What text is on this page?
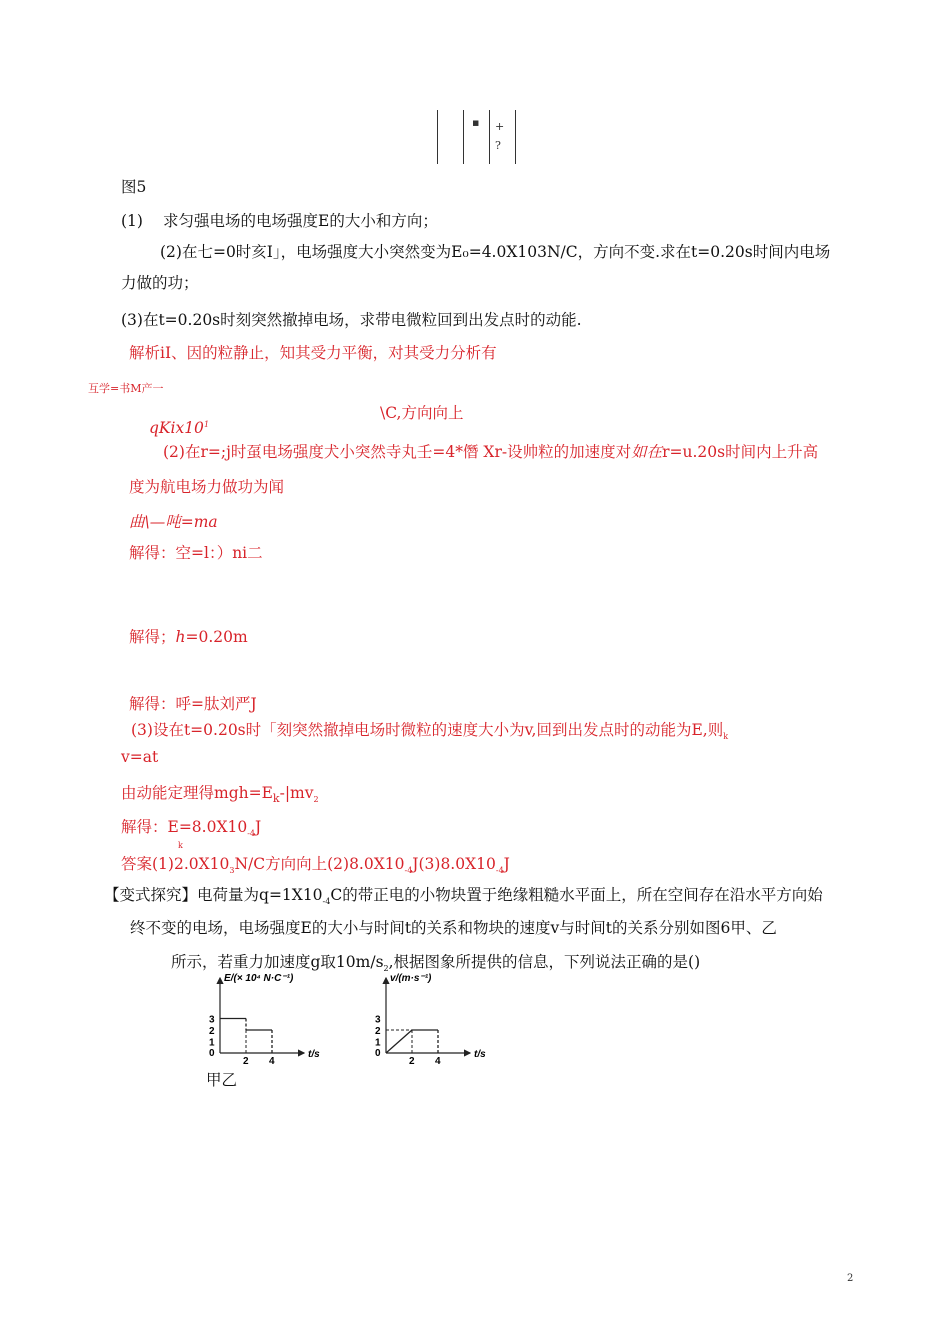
▪ +
?
图5
(1) 求匀强电场的电场强度E的大小和方向；
(2)在七=0时亥I」，电场强度大小突然变为E₀=4.0X103N/C，方向不变.求在t=0.20s时间内电场
力做的功；
(3)在t=0.20s时刻突然撤掉电场，求带电微粒回到出发点时的动能.
解析iI、因的粒静止，知其受力平衡，对其受力分析有
互学=书M产一
$qKix10^1$
\C,方向向上
(2)在r=;j时虿电场强度犬小突然寺丸壬=4*僭 Xr-设帅粒的加速度对如在r=u.20s时间内上升高
度为航电场力做功为闻
曲\—吨=ma
解得：空=l：）ni二
解得；h=0.20m
解得：呼=肽刘严J
(3)设在t=0.20s时「刻突然撤掉电场时微粒的速度大小为v,回到出发点时的动能为E,则$_k$
v=at
由动能定理得$mgh=E_k-|mv_2$
解得：$E=8.0X10_{-4}J$
k
答案$(1)2.0X10_3N/C$方向向上$(2)8.0X10_{-4}J(3)8.0X10_{-4}J$
【变式探究】电荷量为$q=1X10_{-4}C$的带正电的小物块置于绝缘粗糙水平面上，所在空间存在沿水平方向始
终不变的电场，电场强度E的大小与时间t的关系和物块的速度v与时间t的关系分别如图6甲、乙
所示，若重力加速度g取$10m/s_2$,根据图象所提供的信息，下列说法正确的是()
E/(× 10⁴ N·C⁻¹)
t/s
3
2
1
0
2 4
v/(m·s⁻¹)
t/s
3
2
1
0
2 4
甲乙
2
